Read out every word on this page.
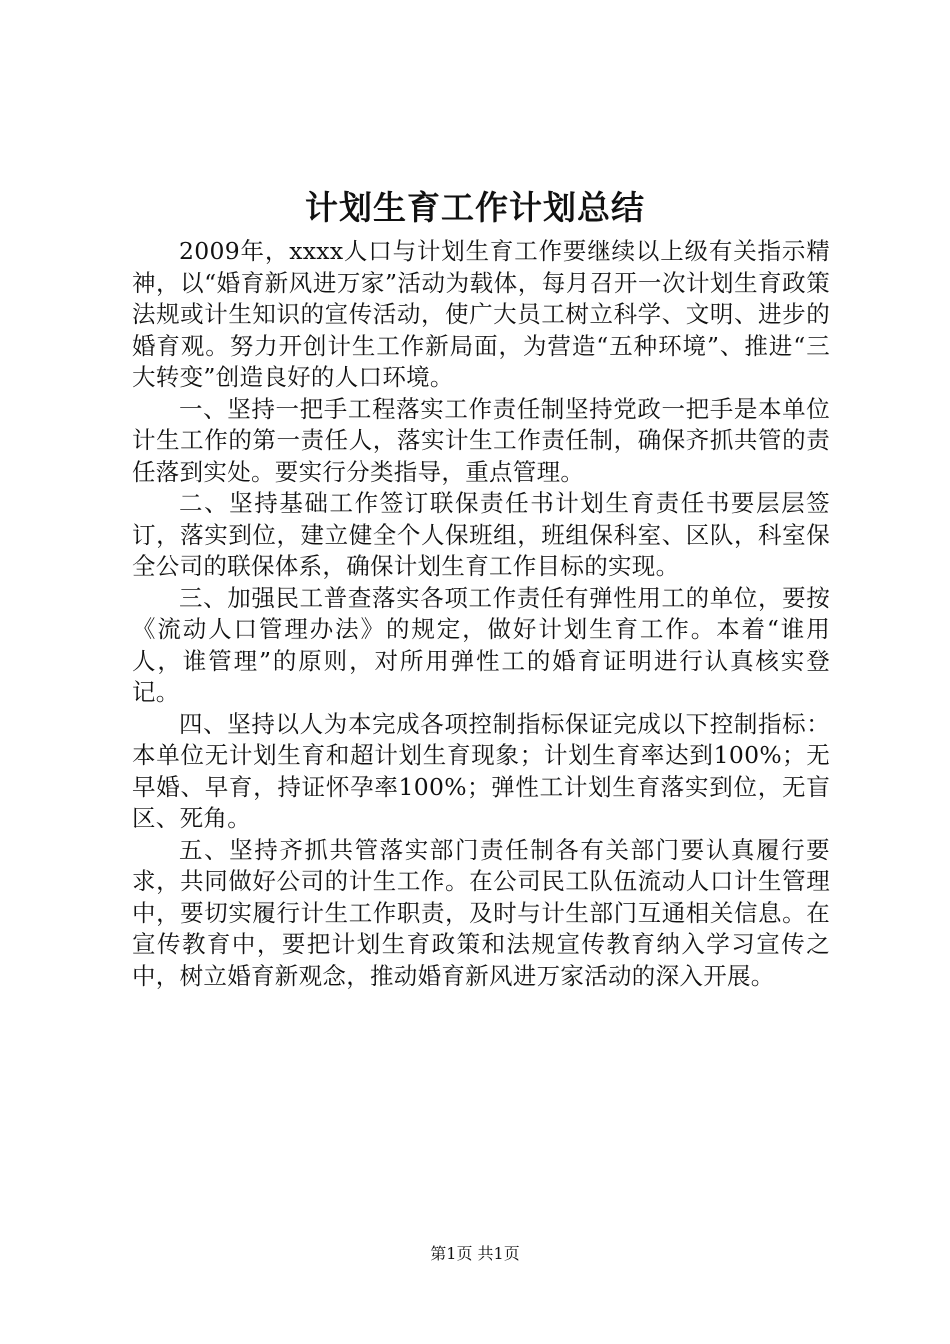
计划生育工作计划总结

2009年，xxxx人口与计划生育工作要继续以上级有关指示精神，以“婚育新风进万家”活动为载体，每月召开一次计划生育政策法规或计生知识的宣传活动，使广大员工树立科学、文明、进步的婚育观。努力开创计生工作新局面，为营造“五种环境”、推进“三大转变”创造良好的人口环境。

一、坚持一把手工程落实工作责任制坚持党政一把手是本单位计生工作的第一责任人，落实计生工作责任制，确保齐抓共管的责任落到实处。要实行分类指导，重点管理。

二、坚持基础工作签订联保责任书计划生育责任书要层层签订，落实到位，建立健全个人保班组，班组保科室、区队，科室保全公司的联保体系，确保计划生育工作目标的实现。

三、加强民工普查落实各项工作责任有弹性用工的单位，要按《流动人口管理办法》的规定，做好计划生育工作。本着“谁用人，谁管理”的原则，对所用弹性工的婚育证明进行认真核实登记。

四、坚持以人为本完成各项控制指标保证完成以下控制指标：本单位无计划生育和超计划生育现象；计划生育率达到100%；无早婚、早育，持证怀孕率100%；弹性工计划生育落实到位，无盲区、死角。

五、坚持齐抓共管落实部门责任制各有关部门要认真履行要求，共同做好公司的计生工作。在公司民工队伍流动人口计生管理中，要切实履行计生工作职责，及时与计生部门互通相关信息。在宣传教育中，要把计划生育政策和法规宣传教育纳入学习宣传之中，树立婚育新观念，推动婚育新风进万家活动的深入开展。

第1页 共1页
